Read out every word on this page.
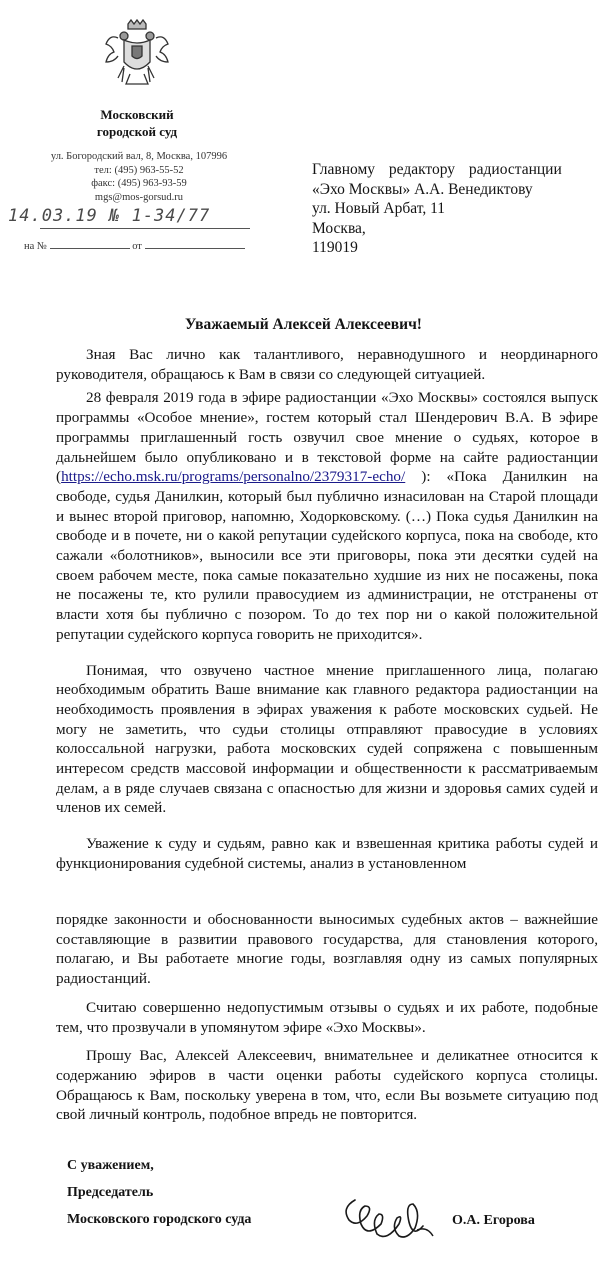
Московский
городской суд
ул. Богородский вал, 8, Москва, 107996
тел: (495) 963-55-52
факс: (495) 963-93-59
mgs@mos-gorsud.ru
14.03.19 № 1-34/77
на №	от
Главному редактору радиостанции
«Эхо Москвы» А.А. Венедиктову
ул. Новый Арбат, 11
Москва,
119019
Уважаемый Алексей Алексеевич!

Зная Вас лично как талантливого, неравнодушного и неординарного руководителя, обращаюсь к Вам в связи со следующей ситуацией.

28 февраля 2019 года в эфире радиостанции «Эхо Москвы» состоялся выпуск программы «Особое мнение», гостем который стал Шендерович В.А. В эфире программы приглашенный гость озвучил свое мнение о судьях, которое в дальнейшем было опубликовано и в текстовой форме на сайте радиостанции (https://echo.msk.ru/programs/personalno/2379317-echo/ ): «Пока Данилкин на свободе, судья Данилкин, который был публично изнасилован на Старой площади и вынес второй приговор, напомню, Ходорковскому. (…) Пока судья Данилкин на свободе и в почете, ни о какой репутации судейского корпуса, пока на свободе, кто сажали «болотников», выносили все эти приговоры, пока эти десятки судей на своем рабочем месте, пока самые показательно худшие из них не посажены, пока не посажены те, кто рулили правосудием из администрации, не отстранены от власти хотя бы публично с позором. То до тех пор ни о какой положительной репутации судейского корпуса говорить не приходится».

Понимая, что озвучено частное мнение приглашенного лица, полагаю необходимым обратить Ваше внимание как главного редактора радиостанции на необходимость проявления в эфирах уважения к работе московских судьей. Не могу не заметить, что судьи столицы отправляют правосудие в условиях колоссальной нагрузки, работа московских судей сопряжена с повышенным интересом средств массовой информации и общественности к рассматриваемым делам, а в ряде случаев связана с опасностью для жизни и здоровья самих судей и членов их семей.

Уважение к суду и судьям, равно как и взвешенная критика работы судей и функционирования судебной системы, анализ в установленном

порядке законности и обоснованности выносимых судебных актов – важнейшие составляющие в развитии правового государства, для становления которого, полагаю, и Вы работаете многие годы, возглавляя одну из самых популярных радиостанций.

Считаю совершенно недопустимым отзывы о судьях и их работе, подобные тем, что прозвучали в упомянутом эфире «Эхо Москвы».

Прошу Вас, Алексей Алексеевич, внимательнее и деликатнее относится к содержанию эфиров в части оценки работы судейского корпуса столицы. Обращаюсь к Вам, поскольку уверена в том, что, если Вы возьмете ситуацию под свой личный контроль, подобное впредь не повторится.

С уважением,
Председатель
Московского городского суда	О.А. Егорова
